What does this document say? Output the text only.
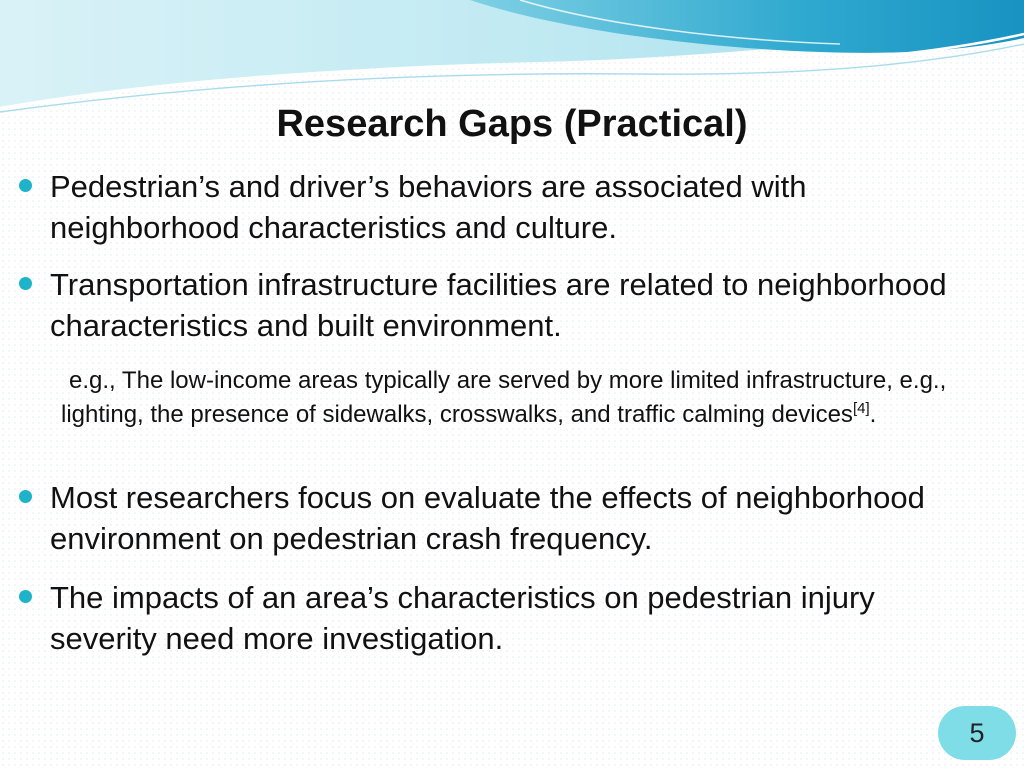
Research Gaps (Practical)
Pedestrian’s and driver’s behaviors are associated with neighborhood characteristics and culture.
Transportation infrastructure facilities are related to neighborhood characteristics and built environment.
e.g., The low-income areas typically are served by more limited infrastructure, e.g., lighting, the presence of sidewalks, crosswalks, and traffic calming devices[4].
Most researchers focus on evaluate the effects of neighborhood environment on pedestrian crash frequency.
The impacts of an area’s characteristics on pedestrian injury severity need more investigation.
5
